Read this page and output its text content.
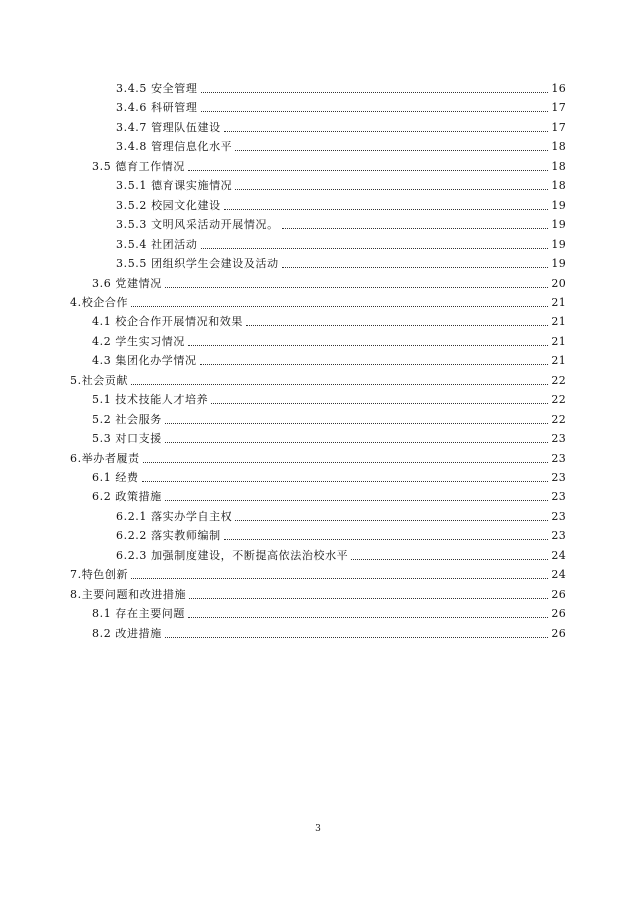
3.4.5 安全管理	16
3.4.6 科研管理	17
3.4.7 管理队伍建设	17
3.4.8 管理信息化水平	18
3.5 德育工作情况	18
3.5.1 德育课实施情况	18
3.5.2 校园文化建设	19
3.5.3 文明风采活动开展情况。	19
3.5.4 社团活动	19
3.5.5 团组织学生会建设及活动	19
3.6 党建情况	20
4.校企合作	21
4.1 校企合作开展情况和效果	21
4.2 学生实习情况	21
4.3 集团化办学情况	21
5.社会贡献	22
5.1 技术技能人才培养	22
5.2 社会服务	22
5.3 对口支援	23
6.举办者履责	23
6.1 经费	23
6.2 政策措施	23
6.2.1 落实办学自主权	23
6.2.2 落实教师编制	23
6.2.3 加强制度建设，不断提高依法治校水平	24
7.特色创新	24
8.主要问题和改进措施	26
8.1 存在主要问题	26
8.2 改进措施	26
3
